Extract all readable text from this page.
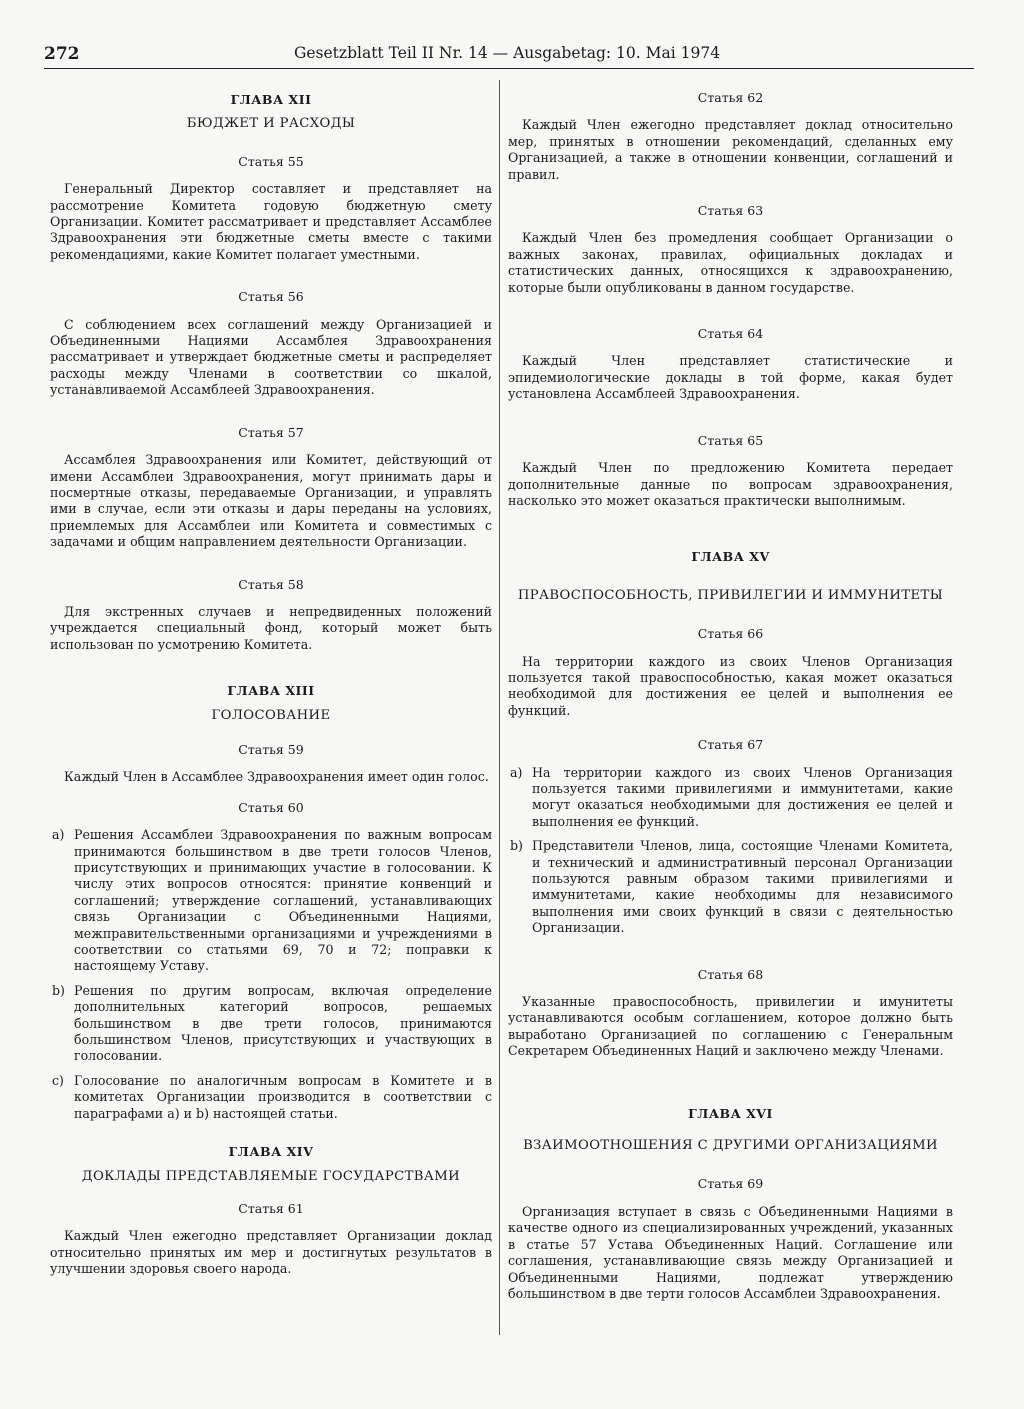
272	Gesetzblatt Teil II Nr. 14 — Ausgabetag: 10. Mai 1974
ГЛАВА XII
БЮДЖЕТ И РАСХОДЫ
Статья 55

Генеральный Директор составляет и представляет на рассмотрение Комитета годовую бюджетную смету Организации. Комитет рассматривает и представляет Ассамблее Здравоохранения эти бюджетные сметы вместе с такими рекомендациями, какие Комитет полагает уместными.

Статья 56

С соблюдением всех соглашений между Организацией и Объединенными Нациями Ассамблея Здравоохранения рассматривает и утверждает бюджетные сметы и распределяет расходы между Членами в соответствии со шкалой, устанавливаемой Ассамблеей Здравоохранения.

Статья 57

Ассамблея Здравоохранения или Комитет, действующий от имени Ассамблеи Здравоохранения, могут принимать дары и посмертные отказы, передаваемые Организации, и управлять ими в случае, если эти отказы и дары переданы на условиях, приемлемых для Ассамблеи или Комитета и совместимых с задачами и общим направлением деятельности Организации.

Статья 58

Для экстренных случаев и непредвиденных положений учреждается специальный фонд, который может быть использован по усмотрению Комитета.

ГЛАВА XIII
ГОЛОСОВАНИЕ
Статья 59

Каждый Член в Ассамблее Здравоохранения имеет один голос.

Статья 60
a) Решения Ассамблеи Здравоохранения по важным вопросам принимаются большинством в две трети голосов Членов, присутствующих и принимающих участие в голосовании. К числу этих вопросов относятся: принятие конвенций и соглашений; утверждение соглашений, устанавливающих связь Организации с Объединенными Нациями, межправительственными организациями и учреждениями в соответствии со статьями 69, 70 и 72; поправки к настоящему Уставу.
b) Решения по другим вопросам, включая определение дополнительных категорий вопросов, решаемых большинством в две трети голосов, принимаются большинством Членов, присутствующих и участвующих в голосовании.
c) Голосование по аналогичным вопросам в Комитете и в комитетах Организации производится в соответствии с параграфами a) и b) настоящей статьи.
ГЛАВА XIV
ДОКЛАДЫ ПРЕДСТАВЛЯЕМЫЕ ГОСУДАРСТВАМИ
Статья 61

Каждый Член ежегодно представляет Организации доклад относительно принятых им мер и достигнутых результатов в улучшении здоровья своего народа.

Статья 62

Каждый Член ежегодно представляет доклад относительно мер, принятых в отношении рекомендаций, сделанных ему Организацией, а также в отношении конвенции, соглашений и правил.

Статья 63

Каждый Член без промедления сообщает Организации о важных законах, правилах, официальных докладах и статистических данных, относящихся к здравоохранению, которые были опубликованы в данном государстве.

Статья 64

Каждый Член представляет статистические и эпидемиологические доклады в той форме, какая будет установлена Ассамблеей Здравоохранения.

Статья 65

Каждый Член по предложению Комитета передает дополнительные данные по вопросам здравоохранения, насколько это может оказаться практически выполнимым.

ГЛАВА XV
ПРАВОСПОСОБНОСТЬ, ПРИВИЛЕГИИ И ИММУНИТЕТЫ
Статья 66

На территории каждого из своих Членов Организация пользуется такой правоспособностью, какая может оказаться необходимой для достижения ее целей и выполнения ее функций.

Статья 67
a) На территории каждого из своих Членов Организация пользуется такими привилегиями и иммунитетами, какие могут оказаться необходимыми для достижения ее целей и выполнения ее функций.
b) Представители Членов, лица, состоящие Членами Комитета, и технический и административный персонал Организации пользуются равным образом такими привилегиями и иммунитетами, какие необходимы для независимого выполнения ими своих функций в связи с деятельностью Организации.
Статья 68

Указанные правоспособность, привилегии и имунитеты устанавливаются особым соглашением, которое должно быть выработано Организацией по соглашению с Генеральным Секретарем Объединенных Наций и заключено между Членами.

ГЛАВА XVI
ВЗАИМООТНОШЕНИЯ С ДРУГИМИ ОРГАНИЗАЦИЯМИ
Статья 69

Организация вступает в связь с Объединенными Нациями в качестве одного из специализированных учреждений, указанных в статье 57 Устава Объединенных Наций. Соглашение или соглашения, устанавливающие связь между Организацией и Объединенными Нациями, подлежат утверждению большинством в две терти голосов Ассамблеи Здравоохранения.
